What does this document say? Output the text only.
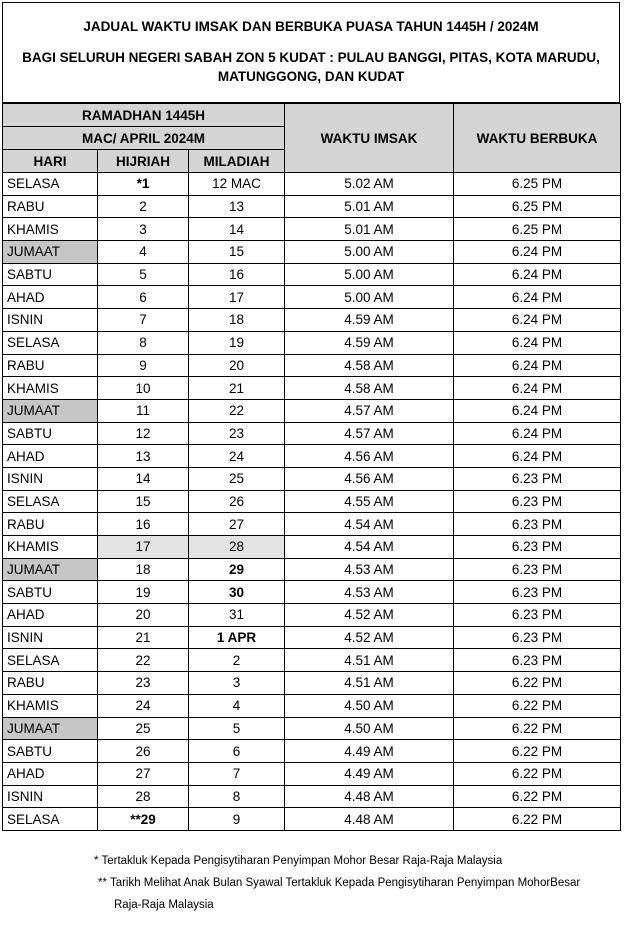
JADUAL WAKTU IMSAK DAN BERBUKA PUASA TAHUN 1445H / 2024M
BAGI SELURUH NEGERI SABAH ZON 5 KUDAT : PULAU BANGGI, PITAS, KOTA MARUDU, MATUNGGONG, DAN KUDAT
RAMADHAN 1445H			WAKTU IMSAK	WAKTU BERBUKA
MAC/ APRIL 2024M				
HARI	HIJRIAH	MILADIAH		
SELASA	*1	12 MAC	5.02 AM	6.25 PM
RABU	2	13	5.01 AM	6.25 PM
KHAMIS	3	14	5.01 AM	6.25 PM
JUMAAT	4	15	5.00 AM	6.24 PM
SABTU	5	16	5.00 AM	6.24 PM
AHAD	6	17	5.00 AM	6.24 PM
ISNIN	7	18	4.59 AM	6.24 PM
SELASA	8	19	4.59 AM	6.24 PM
RABU	9	20	4.58 AM	6.24 PM
KHAMIS	10	21	4.58 AM	6.24 PM
JUMAAT	11	22	4.57 AM	6.24 PM
SABTU	12	23	4.57 AM	6.24 PM
AHAD	13	24	4.56 AM	6.24 PM
ISNIN	14	25	4.56 AM	6.23 PM
SELASA	15	26	4.55 AM	6.23 PM
RABU	16	27	4.54 AM	6.23 PM
KHAMIS	17	28	4.54 AM	6.23 PM
JUMAAT	18	29	4.53 AM	6.23 PM
SABTU	19	30	4.53 AM	6.23 PM
AHAD	20	31	4.52 AM	6.23 PM
ISNIN	21	1 APR	4.52 AM	6.23 PM
SELASA	22	2	4.51 AM	6.23 PM
RABU	23	3	4.51 AM	6.22 PM
KHAMIS	24	4	4.50 AM	6.22 PM
JUMAAT	25	5	4.50 AM	6.22 PM
SABTU	26	6	4.49 AM	6.22 PM
AHAD	27	7	4.49 AM	6.22 PM
ISNIN	28	8	4.48 AM	6.22 PM
SELASA	**29	9	4.48 AM	6.22 PM
* Tertakluk Kepada Pengisytiharan Penyimpan Mohor Besar Raja-Raja Malaysia
** Tarikh Melihat Anak Bulan Syawal Tertakluk Kepada Pengisytiharan Penyimpan MohorBesar
Raja-Raja Malaysia
